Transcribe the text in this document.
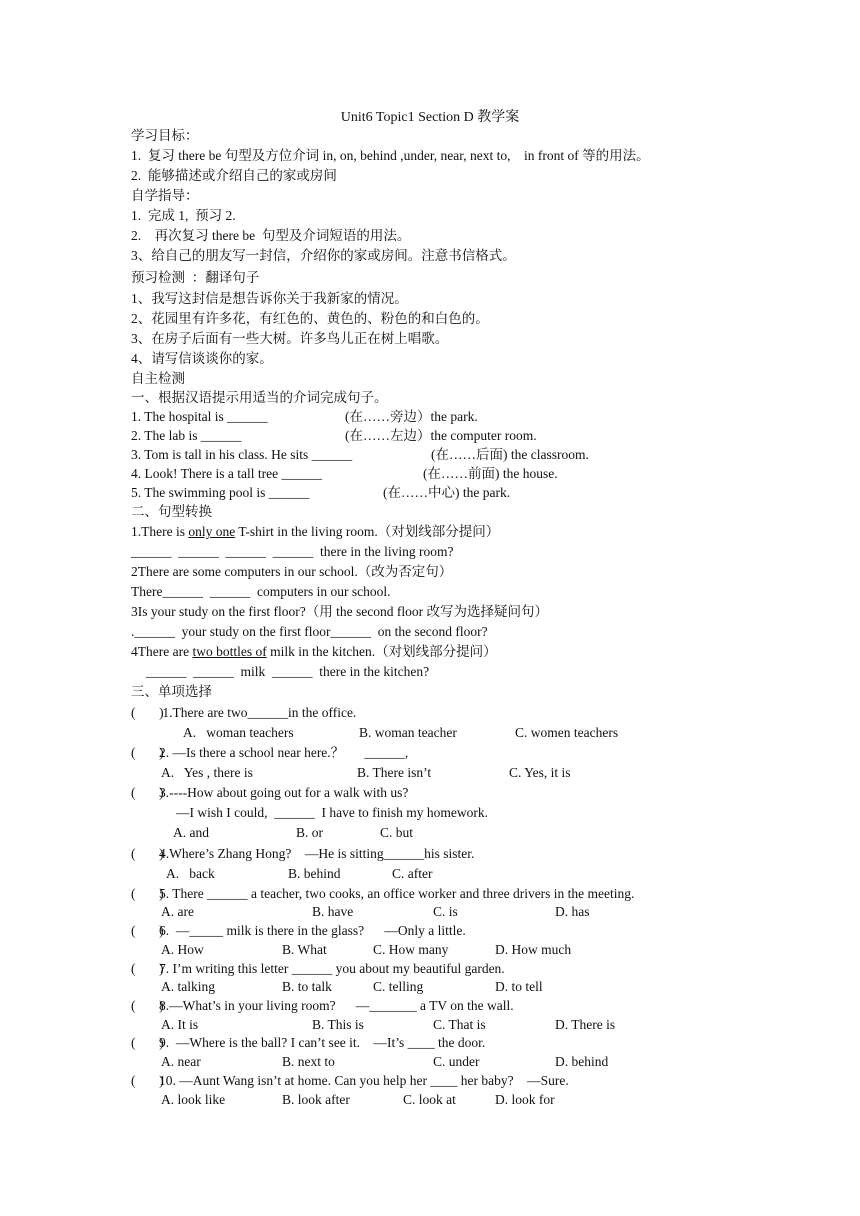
Unit6 Topic1 Section D 教学案
学习目标：
1.  复习 there be 句型及方位介词 in, on, behind ,under, near, next to,    in front of 等的用法。
2.  能够描述或介绍自己的家或房间
自学指导：
1.  完成 1,  预习 2.
2.    再次复习 there be  句型及介词短语的用法。
3、给自己的朋友写一封信，介绍你的家或房间。注意书信格式。
预习检测  ：翻译句子
1、我写这封信是想告诉你关于我新家的情况。
2、花园里有许多花，有红色的、黄色的、粉色的和白色的。
3、在房子后面有一些大树。许多鸟儿正在树上唱歌。
4、请写信谈谈你的家。
自主检测
一、根据汉语提示用适当的介词完成句子。
1. The hospital is ______	(在……旁边）the park.
2. The lab is ______	(在……左边）the computer room.
3. Tom is tall in his class. He sits ______	(在……后面) the classroom.
4. Look! There is a tall tree ______	(在……前面) the house.
5. The swimming pool is ______	(在……中心) the park.
二、句型转换
1.There is only one T-shirt in the living room.（对划线部分提问）
______  ______  ______  ______  there in the living room?
2There are some computers in our school.（改为否定句）
There______  ______  computers in our school.
3Is your study on the first floor?（用 the second floor 改写为选择疑问句）
.______  your study on the first floor______  on the second floor?
4There are two bottles of milk in the kitchen.（对划线部分提问）
______  ______  milk  ______  there in the kitchen?
三、单项选择
(       )
1.There are two______in the office.
A.   woman teachers	B. woman teacher	C. women teachers
(       )
2. —Is there a school near here.？      ______,
A.   Yes , there is	B. There isn’t	C. Yes, it is
(       )
3.----How about going out for a walk with us?
—I wish I could,  ______  I have to finish my homework.
A. and	B. or	C. but
(       )
4.Where’s Zhang Hong?    —He is sitting______his sister.
A.   back	B. behind	C. after
(       )
5. There ______ a teacher, two cooks, an office worker and three drivers in the meeting.
A. are	B. have	C. is	D. has
(       )
6.  —_____ milk is there in the glass?      —Only a little.
A. How	B. What	C. How many	D. How much
(       )
7. I’m writing this letter ______ you about my beautiful garden.
A. talking	B. to talk	C. telling	D. to tell
(       )
8.—What’s in your living room?      —_______ a TV on the wall.
A. It is	B. This is	C. That is	D. There is
(       )
9.  —Where is the ball? I can’t see it.    —It’s ____ the door.
A. near	B. next to	C. under	D. behind
(       )
10. —Aunt Wang isn’t at home. Can you help her ____ her baby?    —Sure.
A. look like	B. look after	C. look at	D. look for
